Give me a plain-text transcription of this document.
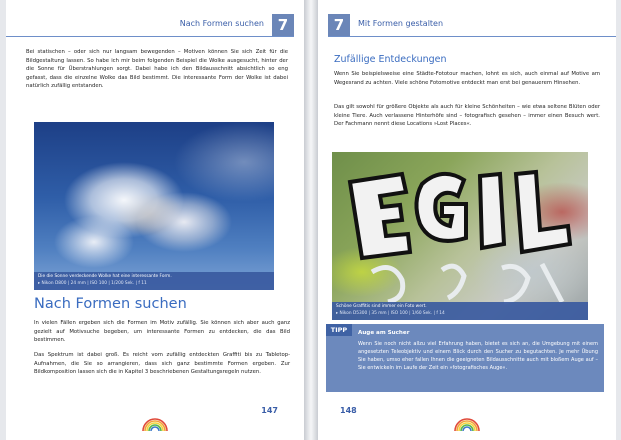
Nach Formen suchen 7

Bei statischen – oder sich nur langsam bewegenden – Motiven können Sie sich Zeit für die Bildgestaltung lassen. So habe ich mir beim folgenden Beispiel die Wolke ausgesucht, hinter der die Sonne für Überstrahlungen sorgt. Dabei habe ich den Bildausschnitt absichtlich so eng gefasst, dass die einzelne Wolke das Bild bestimmt. Die interessante Form der Wolke ist dabei natürlich zufällig entstanden.

Die die Sonne verdeckende Wolke hat eine interessante Form.
▸ Nikon D800 | 24 mm | ISO 100 | 1/200 Sek. | f 11
Nach Formen suchen

In vielen Fällen ergeben sich die Formen im Motiv zufällig. Sie können sich aber auch ganz gezielt auf Motivsuche begeben, um interessante Formen zu entdecken, die das Bild bestimmen.

Das Spektrum ist dabei groß. Es reicht vom zufällig entdeckten Graffiti bis zu Tabletop-Aufnahmen, die Sie so arrangieren, dass sich ganz bestimmte Formen ergeben. Zur Bildkomposition lassen sich die in Kapitel 3 beschriebenen Gestaltungsregeln nutzen.

147
7	Mit Formen gestalten
Zufällige Entdeckungen

Wenn Sie beispielsweise eine Städte-Fototour machen, lohnt es sich, auch einmal auf Motive am Wegesrand zu achten. Viele schöne Fotomotive entdeckt man erst bei genauerem Hinsehen.

Das gilt sowohl für größere Objekte als auch für kleine Schönheiten – wie etwa seltene Blüten oder kleine Tiere. Auch verlassene Hinterhöfe sind – fotografisch gesehen – immer einen Besuch wert. Der Fachmann nennt diese Locations »Lost Places«.

Schöne Graffitis sind immer ein Foto wert.
▸ Nikon D5300 | 35 mm | ISO 100 | 1/60 Sek. | f 14
TIPP	Auge am Sucher

Wenn Sie noch nicht allzu viel Erfahrung haben, bietet es sich an, die Umgebung mit einem angesetzten Teleobjektiv und einem Blick durch den Sucher zu begutachten. Je mehr Übung Sie haben, umso eher fallen Ihnen die geeigneten Bildausschnitte auch mit bloßem Auge auf – Sie entwickeln im Laufe der Zeit ein »fotografisches Auge«.

148
